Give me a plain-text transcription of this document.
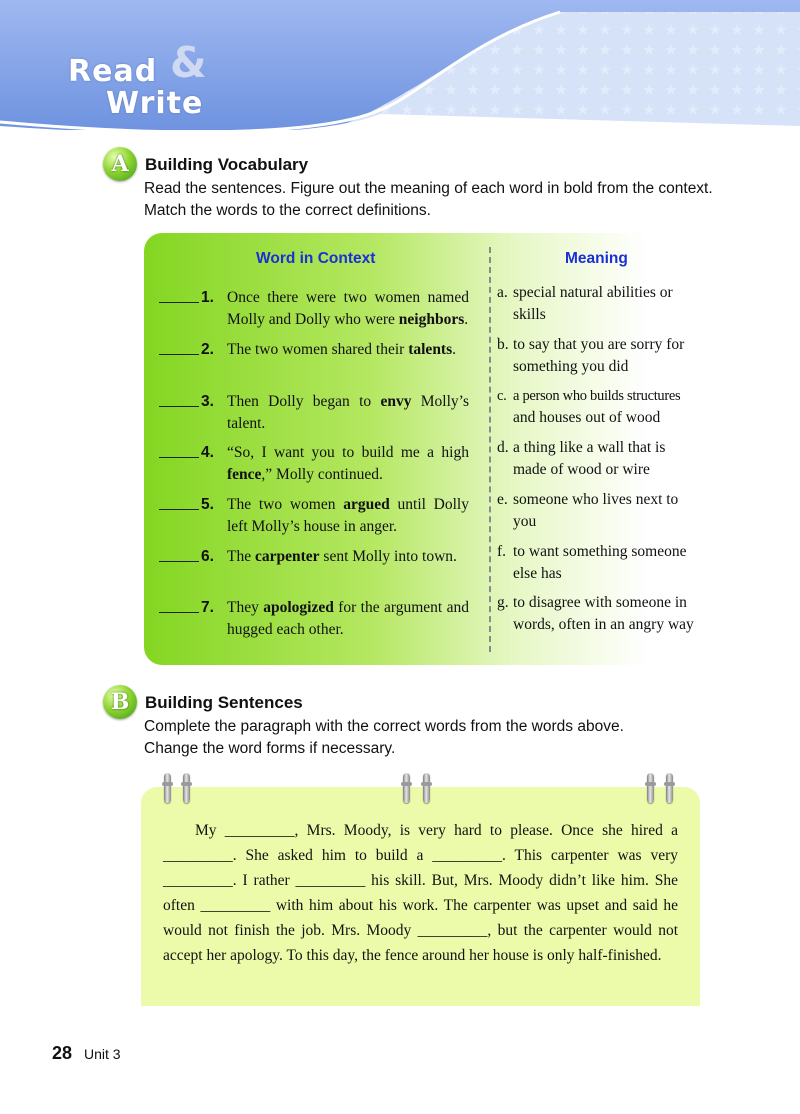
&
Read
Write
A Building Vocabulary
Read the sentences. Figure out the meaning of each word in bold from the context.
Match the words to the correct definitions.
Word in Context	Meaning
1. Once there were two women named Molly and Dolly who were neighbors.
2. The two women shared their talents.
3. Then Dolly began to envy Molly’s talent.
4. “So, I want you to build me a high fence,” Molly continued.
5. The two women argued until Dolly left Molly’s house in anger.
6. The carpenter sent Molly into town.
7. They apologized for the argument and hugged each other.
a. special natural abilities or
skills
b. to say that you are sorry for
something you did
c. a person who builds structures
and houses out of wood
d. a thing like a wall that is
made of wood or wire
e. someone who lives next to
you
f. to want something someone
else has
g. to disagree with someone in
words, often in an angry way
B Building Sentences
Complete the paragraph with the correct words from the words above.
Change the word forms if necessary.
My _________, Mrs. Moody, is very hard to please. Once she hired a _________. She asked him to build a _________. This carpenter was very _________. I rather _________ his skill. But, Mrs. Moody didn’t like him. She often _________ with him about his work. The carpenter was upset and said he would not finish the job. Mrs. Moody _________, but the carpenter would not accept her apology. To this day, the fence around her house is only half-finished.
28 Unit 3
